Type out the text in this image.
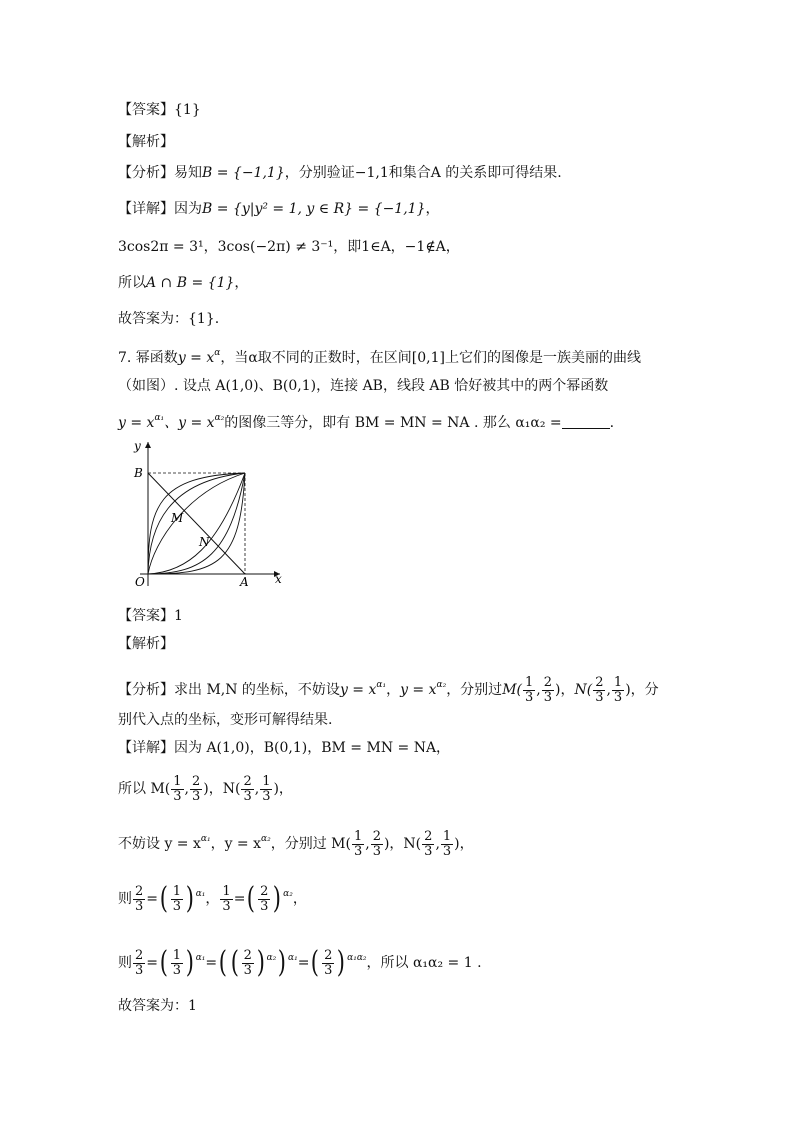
【答案】{1}
【解析】
【分析】易知B = {−1,1}，分别验证−1,1和集合A 的关系即可得结果.
【详解】因为B = {y|y² = 1, y ∈ R} = {−1,1}，
3cos2π = 3¹，3cos(−2π) ≠ 3⁻¹，即1∈A，−1∉A，
所以A ∩ B = {1}，
故答案为：{1}.
7. 幂函数$y = x^\alpha$，当α取不同的正数时，在区间[0,1]上它们的图像是一族美丽的曲线
（如图）. 设点 A(1,0)、B(0,1)，连接 AB，线段 AB 恰好被其中的两个幂函数
$y = x^{\alpha_1}$、$y = x^{\alpha_2}$的图像三等分，即有 BM = MN = NA . 那么 α₁α₂ =	.
y
B
M
N
O	A x
【答案】1
【解析】
【分析】求出 M,N 的坐标，不妨设$y = x^{\alpha_1}$，$y = x^{\alpha_2}$，分别过$M( \frac{1}{3}$ , $\frac{2}{3}$ )，$N( \frac{2}{3}$ , $\frac{1}{3}$ )，分
别代入点的坐标，变形可解得结果.
【详解】因为 A(1,0)，B(0,1)，BM = MN = NA，
所以 $M( \frac{1}{3}$ , $\frac{2}{3}$ )，$N( \frac{2}{3}$ , $\frac{1}{3}$ )，
不妨设 $y = x^{\alpha_1}$，$y = x^{\alpha_2}$，分别过 $M( \frac{1}{3}$ , $\frac{2}{3}$ )，$N( \frac{2}{3}$ , $\frac{1}{3}$ )，
则 $\frac{2}{3}$ =( $\frac{1}{3}$ ) $^{\alpha_1}$， $\frac{1}{3}$ =( $\frac{2}{3}$ ) $^{\alpha_2}$，
则 $\frac{2}{3}$ =( $\frac{1}{3}$ ) $^{\alpha_1}$=( ( $\frac{2}{3}$ ) $^{\alpha_2}$) $^{\alpha_1}=( \frac{2}{3}$ ) $^{\alpha_1\alpha_2}$，所以 α₁α₂ = 1 .
故答案为：1
